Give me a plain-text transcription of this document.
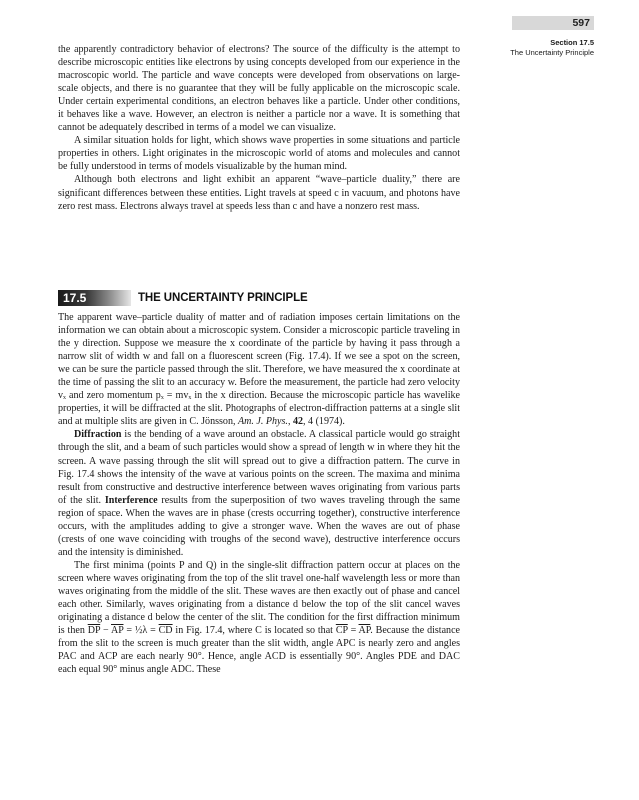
597
Section 17.5
The Uncertainty Principle

the apparently contradictory behavior of electrons? The source of the difficulty is the attempt to describe microscopic entities like electrons by using concepts developed from our experience in the macroscopic world. The particle and wave concepts were developed from observations on large-scale objects, and there is no guarantee that they will be fully applicable on the microscopic scale. Under certain experimental conditions, an electron behaves like a particle. Under other conditions, it behaves like a wave. However, an electron is neither a particle nor a wave. It is something that cannot be adequately described in terms of a model we can visualize.

A similar situation holds for light, which shows wave properties in some situations and particle properties in others. Light originates in the microscopic world of atoms and molecules and cannot be fully understood in terms of models visualizable by the human mind.

Although both electrons and light exhibit an apparent “wave–particle duality,” there are significant differences between these entities. Light travels at speed c in vacuum, and photons have zero rest mass. Electrons always travel at speeds less than c and have a nonzero rest mass.

17.5	THE UNCERTAINTY PRINCIPLE

The apparent wave–particle duality of matter and of radiation imposes certain limitations on the information we can obtain about a microscopic system. Consider a microscopic particle traveling in the y direction. Suppose we measure the x coordinate of the particle by having it pass through a narrow slit of width w and fall on a fluorescent screen (Fig. 17.4). If we see a spot on the screen, we can be sure the particle passed through the slit. Therefore, we have measured the x coordinate at the time of passing the slit to an accuracy w. Before the measurement, the particle had zero velocity vₓ and zero momentum pₓ = mvₓ in the x direction. Because the microscopic particle has wavelike properties, it will be diffracted at the slit. Photographs of electron-diffraction patterns at a single slit and at multiple slits are given in C. Jönsson, Am. J. Phys., 42, 4 (1974).

Diffraction is the bending of a wave around an obstacle. A classical particle would go straight through the slit, and a beam of such particles would show a spread of length w in where they hit the screen. A wave passing through the slit will spread out to give a diffraction pattern. The curve in Fig. 17.4 shows the intensity of the wave at various points on the screen. The maxima and minima result from constructive and destructive interference between waves originating from various parts of the slit. Interference results from the superposition of two waves traveling through the same region of space. When the waves are in phase (crests occurring together), constructive interference occurs, with the amplitudes adding to give a stronger wave. When the waves are out of phase (crests of one wave coinciding with troughs of the second wave), destructive interference occurs and the intensity is diminished.

The first minima (points P and Q) in the single-slit diffraction pattern occur at places on the screen where waves originating from the top of the slit travel one-half wavelength less or more than waves originating from the middle of the slit. These waves are then exactly out of phase and cancel each other. Similarly, waves originating from a distance d below the top of the slit cancel waves originating a distance d below the center of the slit. The condition for the first diffraction minimum is then $\overline{DP} - \overline{AP}$ = ½λ = $\overline{CD}$ in Fig. 17.4, where C is located so that $\overline{CP} = \overline{AP}$. Because the distance from the slit to the screen is much greater than the slit width, angle APC is nearly zero and angles PAC and ACP are each nearly 90°. Hence, angle ACD is essentially 90°. Angles PDE and DAC each equal 90° minus angle ADC. These
